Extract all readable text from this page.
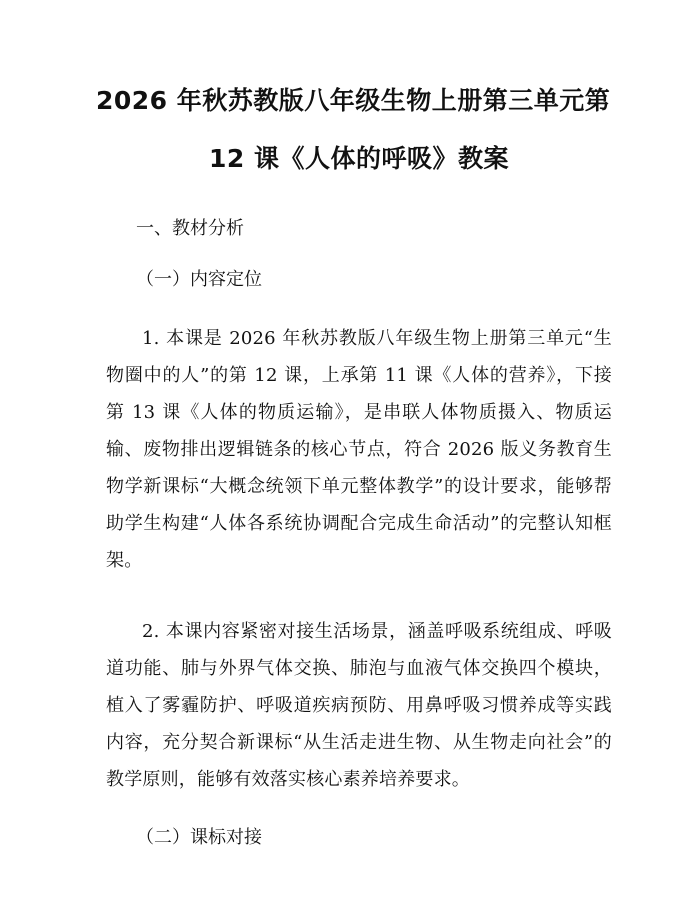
2026 年秋苏教版八年级生物上册第三单元第
12 课《人体的呼吸》教案

一、教材分析

（一）内容定位

1. 本课是 2026 年秋苏教版八年级生物上册第三单元“生物圈中的人”的第 12 课，上承第 11 课《人体的营养》，下接第 13 课《人体的物质运输》，是串联人体物质摄入、物质运输、废物排出逻辑链条的核心节点，符合 2026 版义务教育生物学新课标“大概念统领下单元整体教学”的设计要求，能够帮助学生构建“人体各系统协调配合完成生命活动”的完整认知框架。

2. 本课内容紧密对接生活场景，涵盖呼吸系统组成、呼吸道功能、肺与外界气体交换、肺泡与血液气体交换四个模块，植入了雾霾防护、呼吸道疾病预防、用鼻呼吸习惯养成等实践内容，充分契合新课标“从生活走进生物、从生物走向社会”的教学原则，能够有效落实核心素养培养要求。

（二）课标对接
